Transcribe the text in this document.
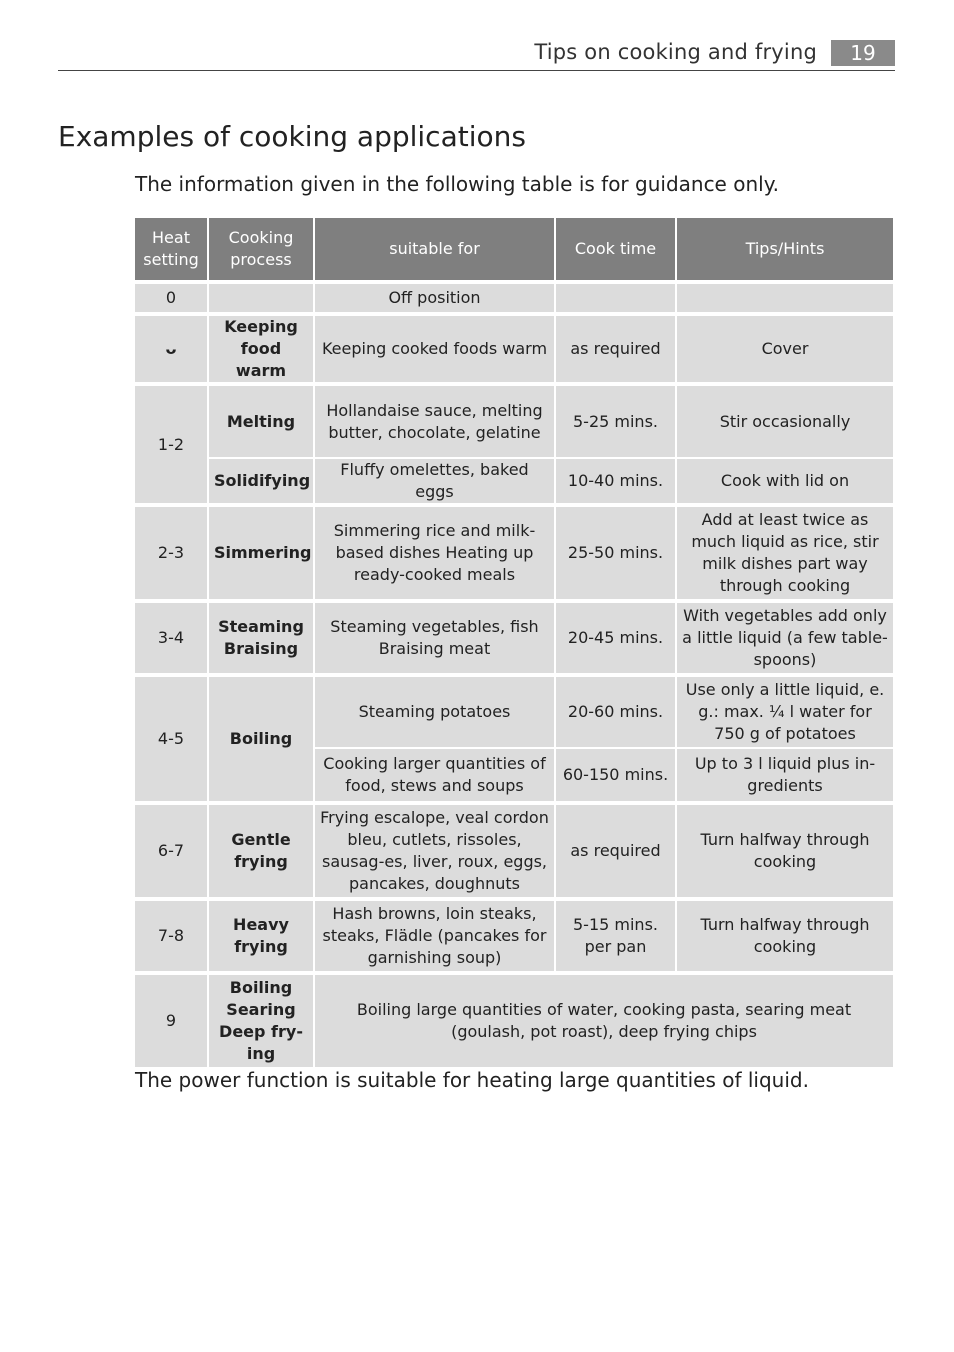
Tips on cooking and frying	19
Examples of cooking applications

The information given in the following table is for guidance only.

Heat setting	Cooking process	suitable for	Cook time	Tips/Hints
0		Off position		
ᴗ	Keeping food warm	Keeping cooked foods warm	as required	Cover
1-2	Melting	Hollandaise sauce, melting butter, chocolate, gelatine	5-25 mins.	Stir occasionally
	Solidifying	Fluffy omelettes, baked eggs	10-40 mins.	Cook with lid on
2-3	Simmering	Simmering rice and milk-based dishes Heating up ready-cooked meals	25-50 mins.	Add at least twice as much liquid as rice, stir milk dishes part way through cooking
3-4	Steaming Braising	Steaming vegetables, fish Braising meat	20-45 mins.	With vegetables add only a little liquid (a few table-spoons)
4-5	Boiling	Steaming potatoes	20-60 mins.	Use only a little liquid, e. g.: max. ¼ l water for 750 g of potatoes
		Cooking larger quantities of food, stews and soups	60-150 mins.	Up to 3 l liquid plus in-gredients
6-7	Gentle frying	Frying escalope, veal cordon bleu, cutlets, rissoles, sausag-es, liver, roux, eggs, pancakes, doughnuts	as required	Turn halfway through cooking
7-8	Heavy frying	Hash browns, loin steaks, steaks, Flädle (pancakes for garnishing soup)	5-15 mins. per pan	Turn halfway through cooking
9	Boiling Searing Deep fry-ing	Boiling large quantities of water, cooking pasta, searing meat (goulash, pot roast), deep frying chips		

The power function is suitable for heating large quantities of liquid.
